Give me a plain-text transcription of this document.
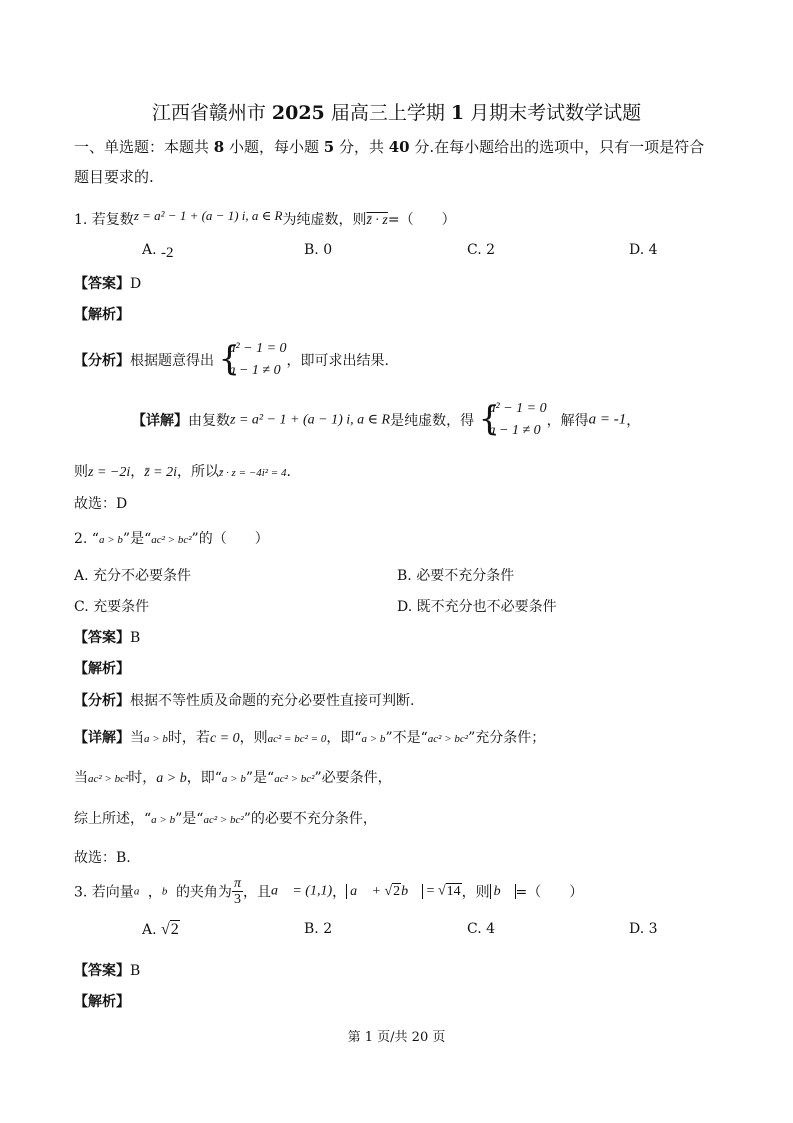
江西省赣州市 2025 届高三上学期 1 月期末考试数学试题
一、单选题：本题共 8 小题，每小题 5 分，共 40 分.在每小题给出的选项中，只有一项是符合
题目要求的.
1. 若复数z = a² − 1 + (a − 1) i, a ∈ R为纯虚数，则z̄ · z=（　　）
A. -2	B. 0	C. 2	D. 4
【答案】D
【解析】
【分析】根据题意得出 {
a² − 1 = 0
a − 1 ≠ 0
，即可求出结果.
【详解】由复数z = a² − 1 + (a − 1) i, a ∈ R是纯虚数，得 {
a² − 1 = 0
a − 1 ≠ 0
，解得a = -1，
则z = −2i，z̄ = 2i，所以z̄ · z = −4i² = 4.
故选：D
2. “a > b”是“ac² > bc²”的（　　）
A. 充分不必要条件	B. 必要不充分条件
C. 充要条件	D. 既不充分也不必要条件
【答案】B
【解析】
【分析】根据不等性质及命题的充分必要性直接可判断.
【详解】当a > b时，若c = 0，则ac² = bc² = 0，即“a > b”不是“ac² > bc²”充分条件；
当ac² > bc²时，a > b，即“a > b”是“ac² > bc²”必要条件，
综上所述，“a > b”是“ac² > bc²”的必要不充分条件，
故选：B.
3. 若向量a⃗，b⃗的夹角为 $\frac{\pi}{3}$ ，且a⃗ = (1,1)， a⃗ + √2b⃗ = √14，则 b⃗ =（　　）
A. √2	B. 2	C. 4	D. 3
【答案】B
【解析】
第 1 页/共 20 页
